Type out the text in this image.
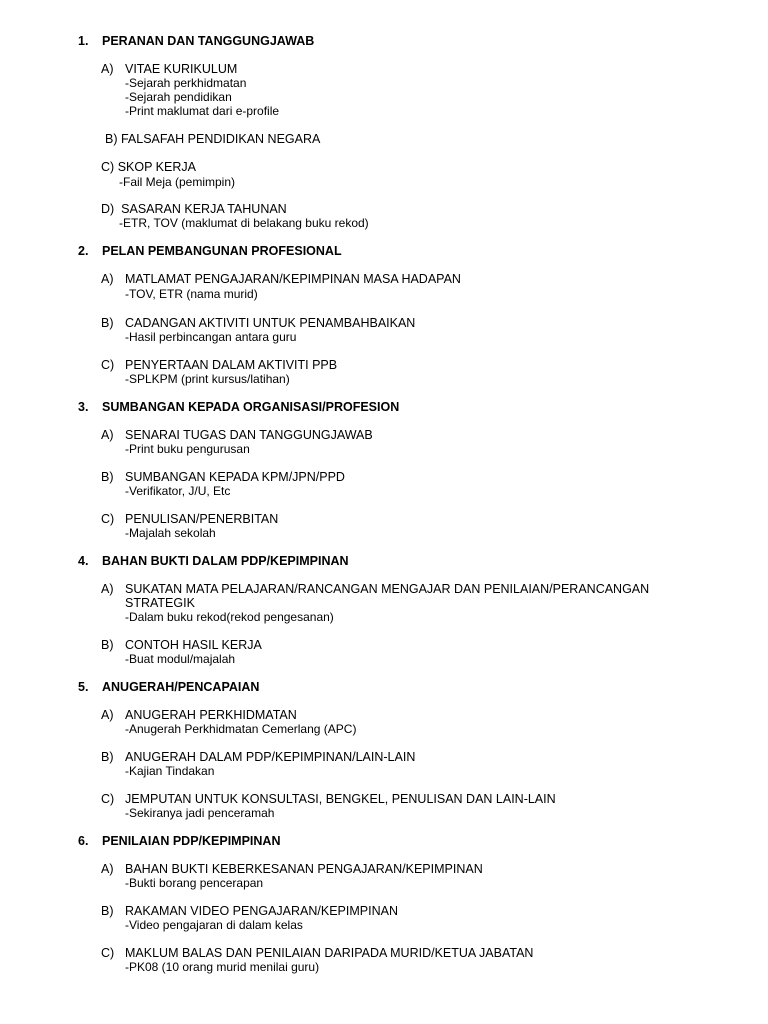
1. PERANAN DAN TANGGUNGJAWAB
A) VITAE KURIKULUM
-Sejarah perkhidmatan
-Sejarah pendidikan
-Print maklumat dari e-profile
B) FALSAFAH PENDIDIKAN NEGARA
C) SKOP KERJA
-Fail Meja (pemimpin)
D) SASARAN KERJA TAHUNAN
-ETR, TOV (maklumat di belakang buku rekod)
2. PELAN PEMBANGUNAN PROFESIONAL
A) MATLAMAT PENGAJARAN/KEPIMPINAN MASA HADAPAN
-TOV, ETR (nama murid)
B) CADANGAN AKTIVITI UNTUK PENAMBAHBAIKAN
-Hasil perbincangan antara guru
C) PENYERTAAN DALAM AKTIVITI PPB
-SPLKPM (print kursus/latihan)
3. SUMBANGAN KEPADA ORGANISASI/PROFESION
A) SENARAI TUGAS DAN TANGGUNGJAWAB
-Print buku pengurusan
B) SUMBANGAN KEPADA KPM/JPN/PPD
-Verifikator, J/U, Etc
C) PENULISAN/PENERBITAN
-Majalah sekolah
4. BAHAN BUKTI DALAM PDP/KEPIMPINAN
A) SUKATAN MATA PELAJARAN/RANCANGAN MENGAJAR DAN PENILAIAN/PERANCANGAN
STRATEGIK
-Dalam buku rekod(rekod pengesanan)
B) CONTOH HASIL KERJA
-Buat modul/majalah
5. ANUGERAH/PENCAPAIAN
A) ANUGERAH PERKHIDMATAN
-Anugerah Perkhidmatan Cemerlang (APC)
B) ANUGERAH DALAM PDP/KEPIMPINAN/LAIN-LAIN
-Kajian Tindakan
C) JEMPUTAN UNTUK KONSULTASI, BENGKEL, PENULISAN DAN LAIN-LAIN
-Sekiranya jadi penceramah
6. PENILAIAN PDP/KEPIMPINAN
A) BAHAN BUKTI KEBERKESANAN PENGAJARAN/KEPIMPINAN
-Bukti borang pencerapan
B) RAKAMAN VIDEO PENGAJARAN/KEPIMPINAN
-Video pengajaran di dalam kelas
C) MAKLUM BALAS DAN PENILAIAN DARIPADA MURID/KETUA JABATAN
-PK08 (10 orang murid menilai guru)
